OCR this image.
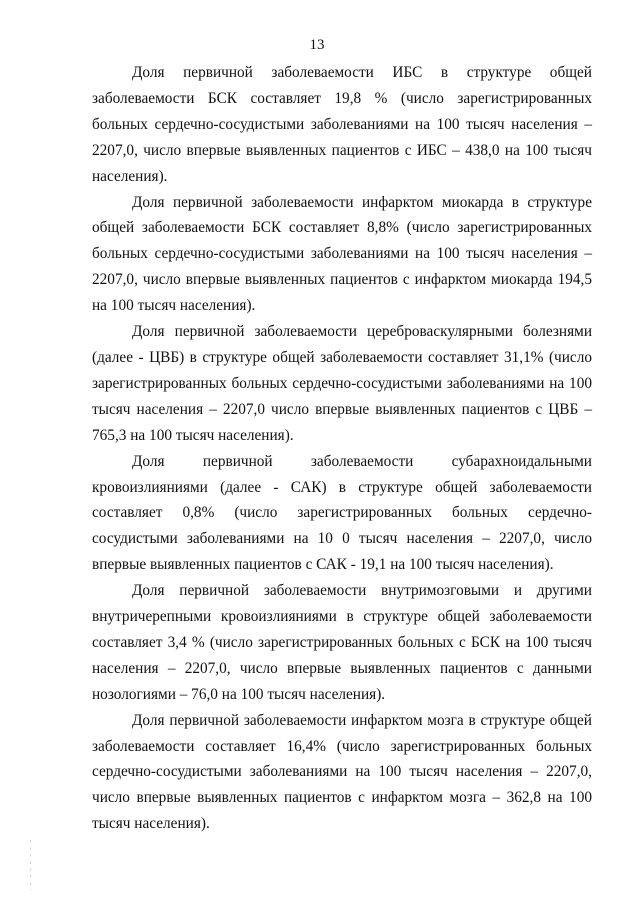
13

Доля первичной заболеваемости ИБС в структуре общей заболеваемости БСК составляет 19,8 % (число зарегистрированных больных сердечно-сосудистыми заболеваниями на 100 тысяч населения – 2207,0, число впервые выявленных пациентов с ИБС – 438,0 на 100 тысяч населения).

Доля первичной заболеваемости инфарктом миокарда в структуре общей заболеваемости БСК составляет 8,8% (число зарегистрированных больных сердечно-сосудистыми заболеваниями на 100 тысяч населения – 2207,0, число впервые выявленных пациентов с инфарктом миокарда 194,5 на 100 тысяч населения).

Доля первичной заболеваемости цереброваскулярными болезнями (далее - ЦВБ) в структуре общей заболеваемости составляет 31,1% (число зарегистрированных больных сердечно-сосудистыми заболеваниями на 100 тысяч населения – 2207,0 число впервые выявленных пациентов с ЦВБ – 765,3 на 100 тысяч населения).

Доля первичной заболеваемости субарахноидальными кровоизлияниями (далее - САК) в структуре общей заболеваемости составляет 0,8% (число зарегистрированных больных сердечно-сосудистыми заболеваниями на 10 0 тысяч населения – 2207,0, число впервые выявленных пациентов с САК - 19,1 на 100 тысяч населения).

Доля первичной заболеваемости внутримозговыми и другими внутричерепными кровоизлияниями в структуре общей заболеваемости составляет 3,4 % (число зарегистрированных больных с БСК на 100 тысяч населения – 2207,0, число впервые выявленных пациентов с данными нозологиями – 76,0 на 100 тысяч населения).

Доля первичной заболеваемости инфарктом мозга в структуре общей заболеваемости составляет 16,4% (число зарегистрированных больных сердечно-сосудистыми заболеваниями на 100 тысяч населения – 2207,0, число впервые выявленных пациентов с инфарктом мозга – 362,8 на 100 тысяч населения).
